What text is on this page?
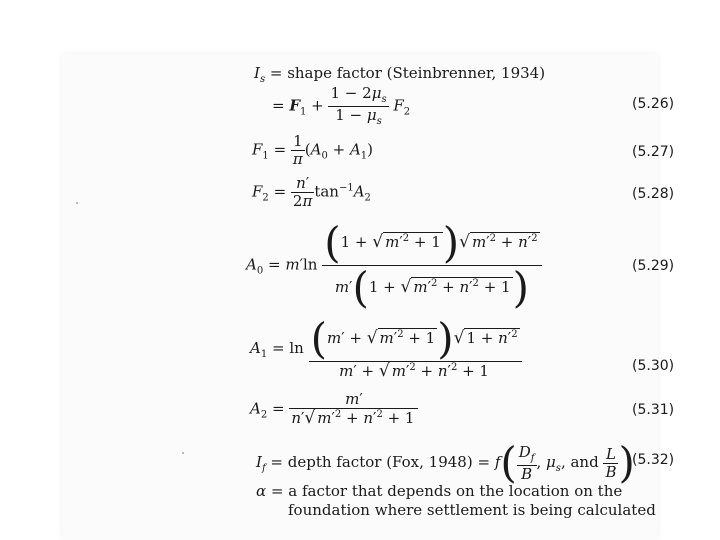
$I_s$ = shape factor (Steinbrenner, 1934)
= $F_1 + \frac{1 - 2\mu_s}{1 - \mu_s} F_2$	(5.26)
$F_1 = \frac{1}{\pi} (A_0 + A_1)$	(5.27)
$F_2 = \frac{n'}{2\pi} \tan^{-1}A_2$	(5.28)
$A_0 = m'\ln \frac{(1 + √ m'^2 + 1)√ m'^2 + n'^2}{m'(1 + √ m'^2 + n'^2 + 1)}$	(5.29)
$A_1 = \ln \frac{(m' + √ m'^2 + 1)√ 1 + n'^2}{m' + √ m'^2 + n'^2 + 1}$	(5.30)
$A_2 = \frac{m'}{n'√ m'^2 + n'^2 + 1}$	(5.31)
$I_f$ = depth factor (Fox, $1948) = f( \frac{D_f}{B}$ , $\mu_s$, and $\frac{L}{B}$ )
(5.32)
α = a factor that depends on the location on the
foundation where settlement is being calculated
